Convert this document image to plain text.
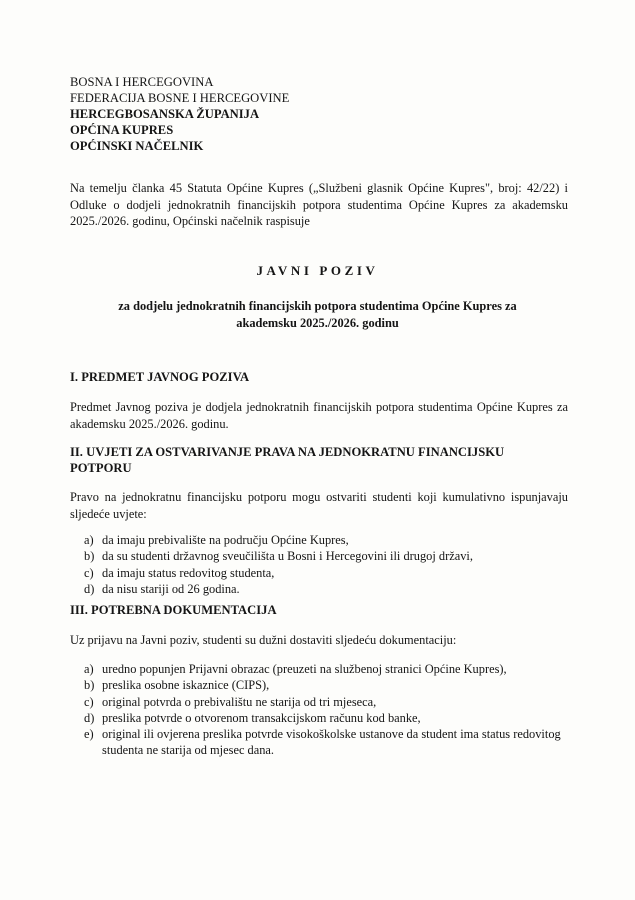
BOSNA I HERCEGOVINA
FEDERACIJA BOSNE I HERCEGOVINE
HERCEGBOSANSKA ŽUPANIJA
OPĆINA KUPRES
OPĆINSKI NAČELNIK
Na temelju članka 45 Statuta Općine Kupres („Službeni glasnik Općine Kupres", broj: 42/22) i Odluke o dodjeli jednokratnih financijskih potpora studentima Općine Kupres za akademsku 2025./2026. godinu, Općinski načelnik raspisuje
JAVNI POZIV
za dodjelu jednokratnih financijskih potpora studentima Općine Kupres za akademsku 2025./2026. godinu
I. PREDMET JAVNOG POZIVA
Predmet Javnog poziva je dodjela jednokratnih financijskih potpora studentima Općine Kupres za akademsku 2025./2026. godinu.
II. UVJETI ZA OSTVARIVANJE PRAVA NA JEDNOKRATNU FINANCIJSKU POTPORU
Pravo na jednokratnu financijsku potporu mogu ostvariti studenti koji kumulativno ispunjavaju sljedeće uvjete:
a) da imaju prebivalište na području Općine Kupres,
b) da su studenti državnog sveučilišta u Bosni i Hercegovini ili drugoj državi,
c) da imaju status redovitog studenta,
d) da nisu stariji od 26 godina.
III. POTREBNA DOKUMENTACIJA
Uz prijavu na Javni poziv, studenti su dužni dostaviti sljedeću dokumentaciju:
a) uredno popunjen Prijavni obrazac (preuzeti na službenoj stranici Općine Kupres),
b) preslika osobne iskaznice (CIPS),
c) original potvrda o prebivalištu ne starija od tri mjeseca,
d) preslika potvrde o otvorenom transakcijskom računu kod banke,
e) original ili ovjerena preslika potvrde visokoškolske ustanove da student ima status redovitog studenta ne starija od mjesec dana.
